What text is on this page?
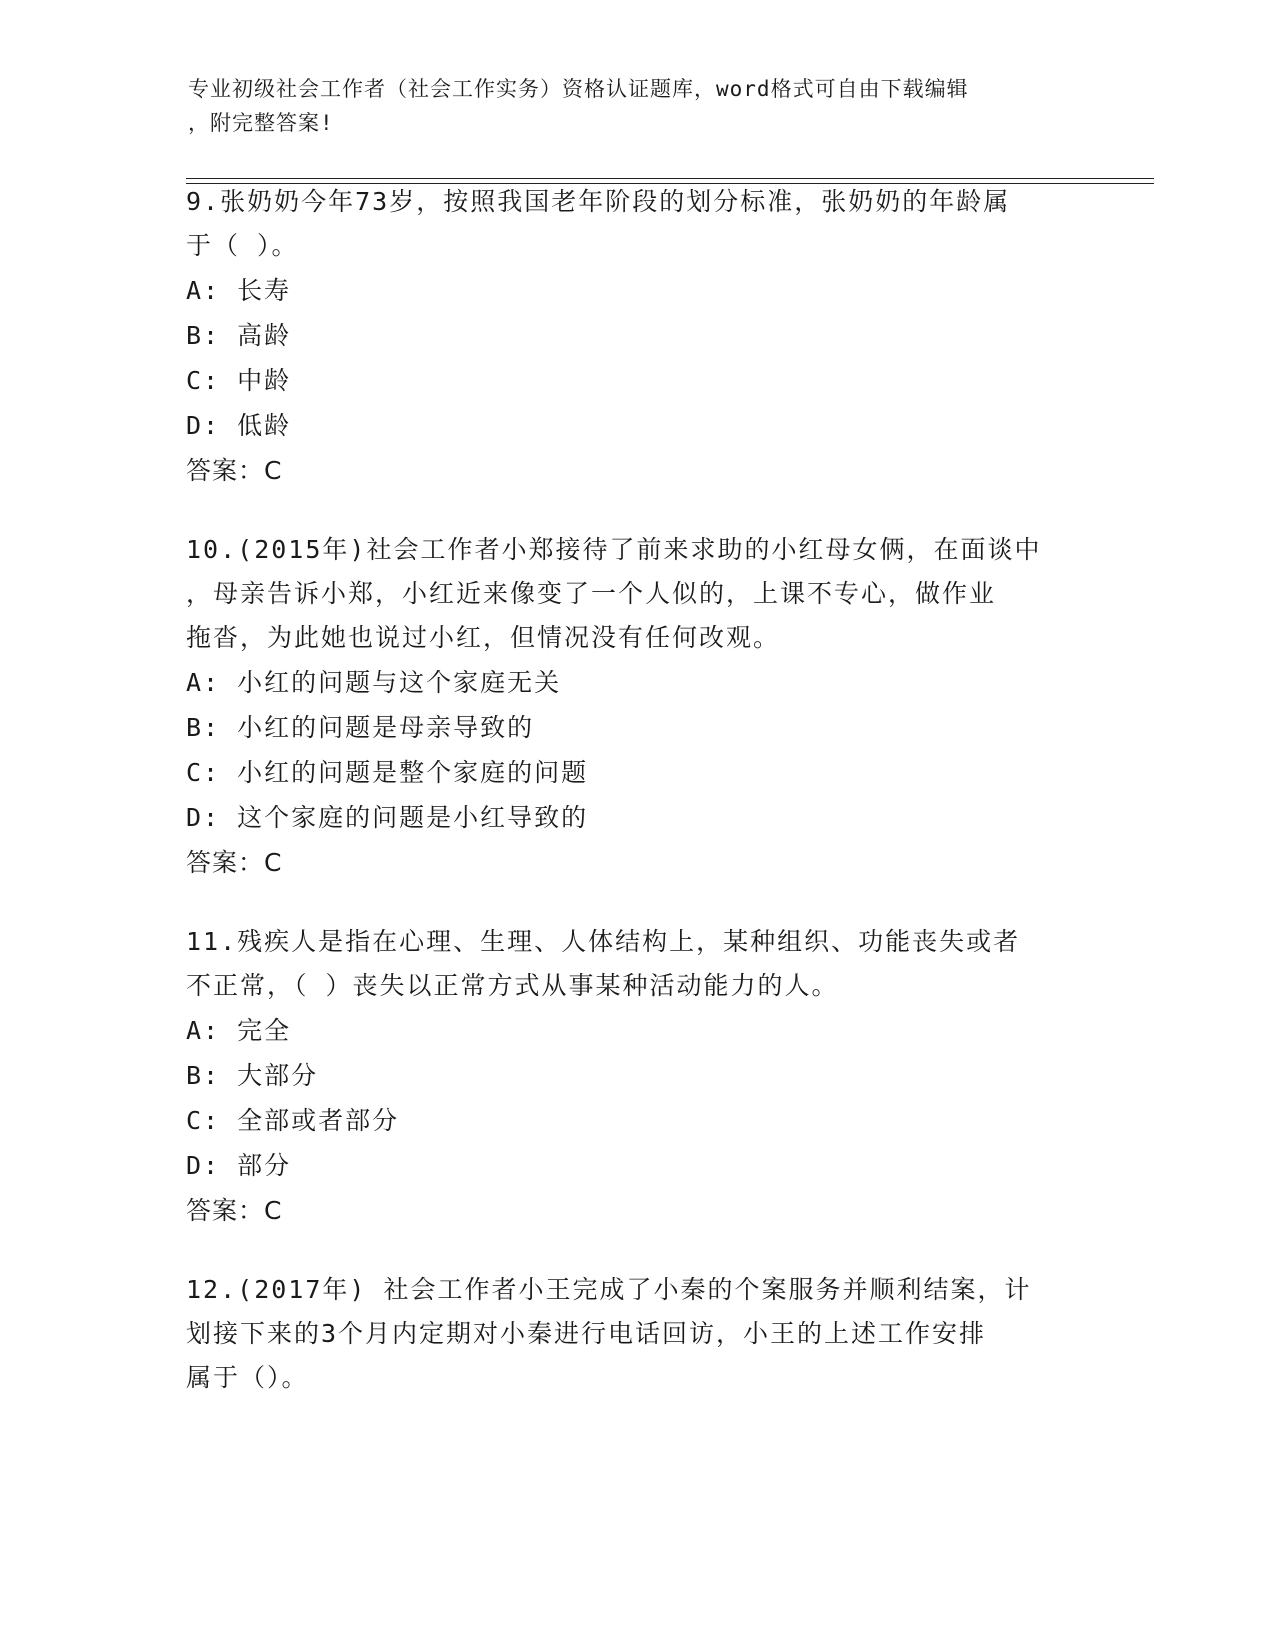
专业初级社会工作者（社会工作实务）资格认证题库，word格式可自由下载编辑
，附完整答案!
9.张奶奶今年73岁，按照我国老年阶段的划分标准，张奶奶的年龄属
于（ ）。
A: 长寿
B: 高龄
C: 中龄
D: 低龄
答案：C
10.(2015年)社会工作者小郑接待了前来求助的小红母女俩，在面谈中
，母亲告诉小郑，小红近来像变了一个人似的，上课不专心，做作业
拖沓，为此她也说过小红，但情况没有任何改观。
A: 小红的问题与这个家庭无关
B: 小红的问题是母亲导致的
C: 小红的问题是整个家庭的问题
D: 这个家庭的问题是小红导致的
答案：C
11.残疾人是指在心理、生理、人体结构上，某种组织、功能丧失或者
不正常，（ ）丧失以正常方式从事某种活动能力的人。
A: 完全
B: 大部分
C: 全部或者部分
D: 部分
答案：C
12.(2017年) 社会工作者小王完成了小秦的个案服务并顺利结案，计
划接下来的3个月内定期对小秦进行电话回访，小王的上述工作安排
属于（）。
